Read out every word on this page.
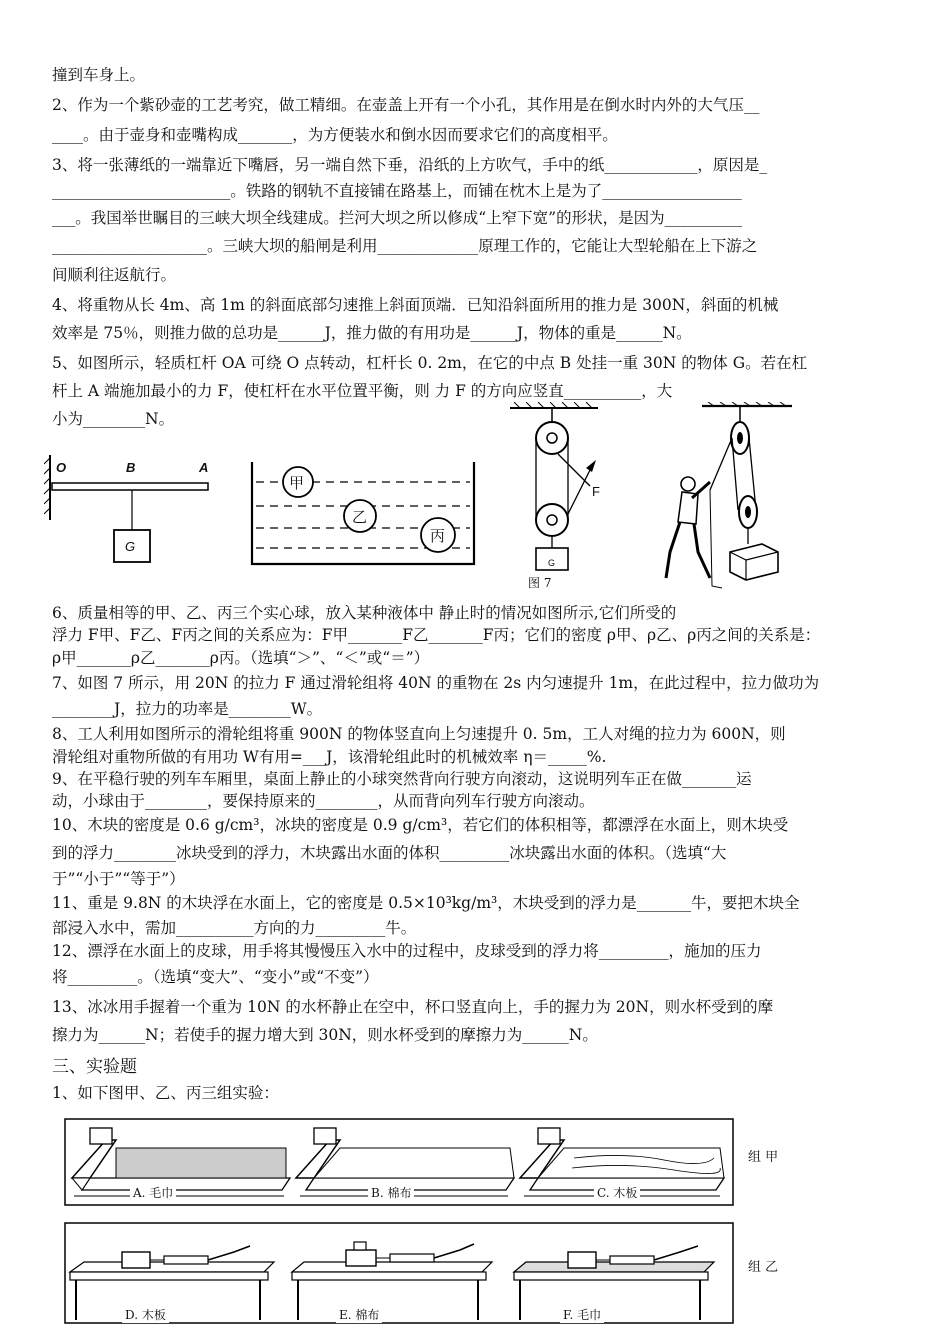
撞到车身上。
2、作为一个紫砂壶的工艺考究，做工精细。在壶盖上开有一个小孔，其作用是在倒水时内外的大气压__
____。由于壶身和壶嘴构成_______，为方便装水和倒水因而要求它们的高度相平。
3、将一张薄纸的一端靠近下嘴唇，另一端自然下垂，沿纸的上方吹气，手中的纸____________，原因是_
_______________________。铁路的钢轨不直接铺在路基上，而铺在枕木上是为了__________________
___。我国举世瞩目的三峡大坝全线建成。拦河大坝之所以修成“上窄下宽”的形状，是因为__________
____________________。三峡大坝的船闸是利用_____________原理工作的，它能让大型轮船在上下游之
间顺利往返航行。
4、将重物从长 4m、高 1m 的斜面底部匀速推上斜面顶端．已知沿斜面所用的推力是 300N，斜面的机械
效率是 75％，则推力做的总功是______J，推力做的有用功是______J，物体的重是______N。
5、如图所示，轻质杠杆 OA 可绕 O 点转动，杠杆长 0. 2m，在它的中点 B 处挂一重 30N 的物体 G。若在杠
杆上 A 端施加最小的力 F，使杠杆在水平位置平衡，则 力 F 的方向应竖直__________，大
小为________N。
O	B	A
G
甲
乙
丙
F
G
图 7
6、质量相等的甲、乙、丙三个实心球，放入某种液体中 静止时的情况如图所示,它们所受的
浮力 F甲、F乙、F丙之间的关系应为：F甲_______F乙_______F丙；它们的密度 ρ甲、ρ乙、ρ丙之间的关系是：
ρ甲_______ρ乙_______ρ丙。（选填“＞”、“＜”或“＝”）
7、如图 7 所示，用 20N 的拉力 F 通过滑轮组将 40N 的重物在 2s 内匀速提升 1m，在此过程中，拉力做功为
________J，拉力的功率是________W。
8、工人利用如图所示的滑轮组将重 900N 的物体竖直向上匀速提升 0. 5m，工人对绳的拉力为 600N，则
滑轮组对重物所做的有用功 W有用=___J，该滑轮组此时的机械效率 η＝_____%.
9、在平稳行驶的列车车厢里，桌面上静止的小球突然背向行驶方向滚动，这说明列车正在做_______运
动，小球由于________，要保持原来的________，从而背向列车行驶方向滚动。
10、木块的密度是 0.6 g/cm³，冰块的密度是 0.9 g/cm³，若它们的体积相等，都漂浮在水面上，则木块受
到的浮力________冰块受到的浮力，木块露出水面的体积_________冰块露出水面的体积。（选填“大
于”“小于”“等于”）
11、重是 9.8N 的木块浮在水面上，它的密度是 0.5×10³kg/m³，木块受到的浮力是_______牛，要把木块全
部浸入水中，需加__________方向的力_________牛。
12、漂浮在水面上的皮球，用手将其慢慢压入水中的过程中，皮球受到的浮力将_________，施加的压力
将_________。（选填“变大”、“变小”或“不变”）
13、冰冰用手握着一个重为 10N 的水杯静止在空中，杯口竖直向上，手的握力为 20N，则水杯受到的摩
擦力为______N；若使手的握力增大到 30N，则水杯受到的摩擦力为______N。
三、实验题
1、如下图甲、乙、丙三组实验：
A. 毛巾	B. 棉布	C. 木板
组 甲
D. 木板	E. 棉布	F. 毛巾
组 乙
